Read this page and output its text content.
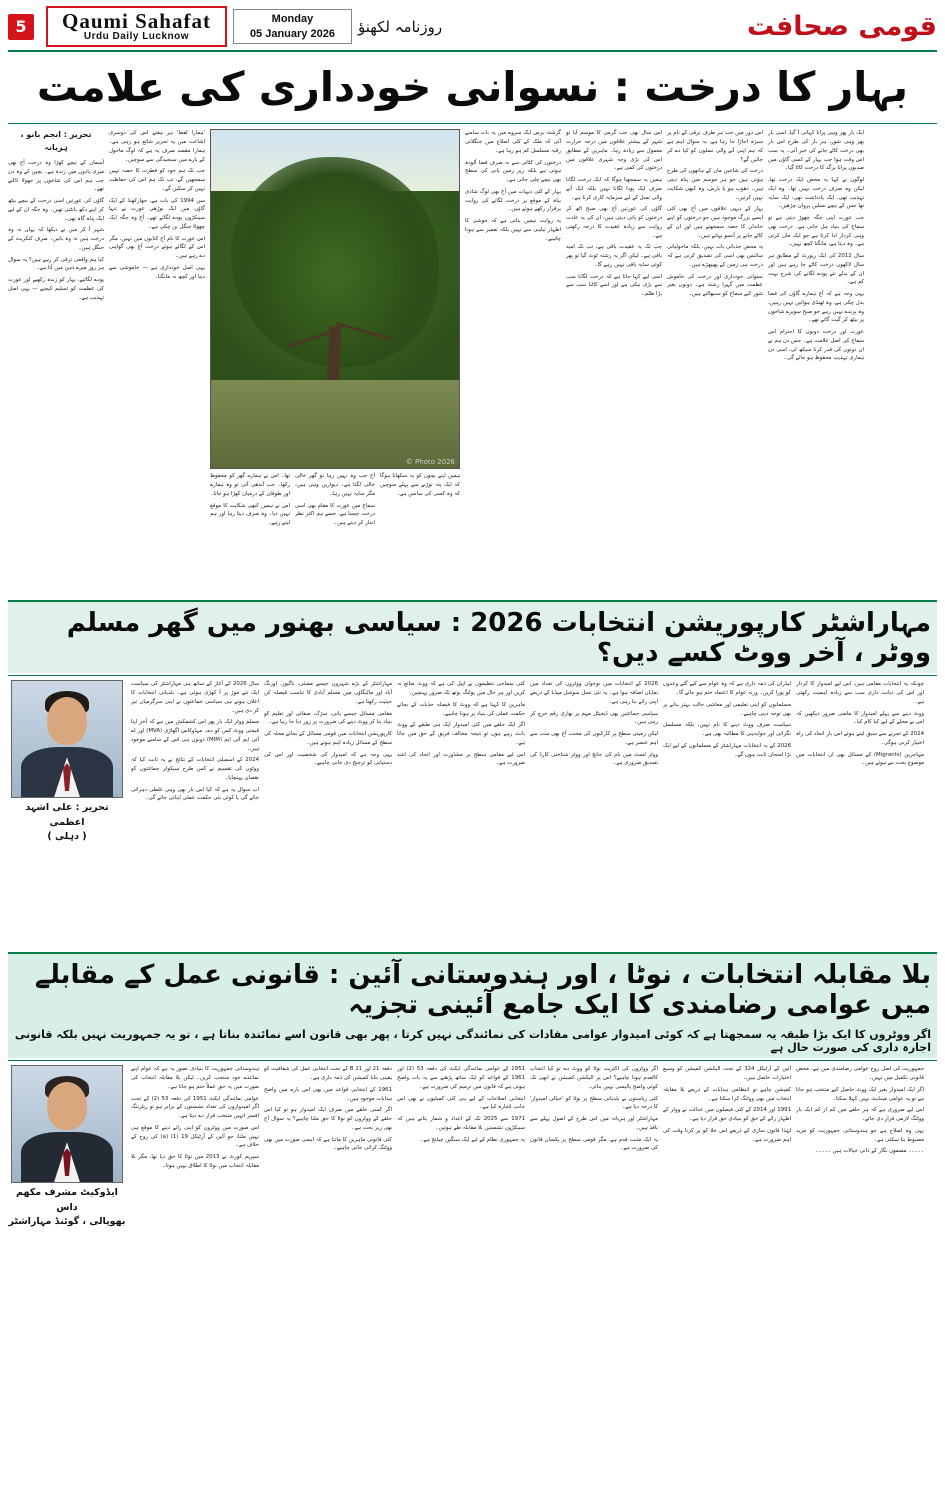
5	Qaumi Sahafat
Urdu Daily Lucknow
Monday
05 January 2026 روزنامہ لکھنؤ	قومی صحافت
بہار کا درخت : نسوانی خودداری کی علامت
تحریر : انجم بانو ، ہریانہ

آسمان کے نیچے کھڑا وہ درخت آج بھی میری یادوں میں زندہ ہے۔ بچپن کے وہ دن جب ہم اس کی شاخوں پر جھولا ڈالتے تھے۔

گاؤں کی عورتیں اسی درخت کے نیچے بیٹھ کر اپنے دکھ بانٹتی تھیں۔ وہ جگہ ان کے لیے ایک پناہ گاہ تھی۔

شہر آ کر میں نے دیکھا کہ یہاں نہ وہ درخت ہیں نہ وہ باتیں۔ صرف کنکریٹ کے جنگل ہیں۔

کیا ہم واقعی ترقی کر رہے ہیں؟ یہ سوال ہر روز میرے ذہن میں آتا ہے۔

پودے لگائیے، بہار کو زندہ رکھیے اور عورت کی عظمت کو تسلیم کیجیے — یہی اصل تہذیب ہے۔

'ہمارا لفظ' ہر ہفتے اس کی دوسری اشاعت میں یہ تحریر شائع ہو رہی ہے۔ ہمارا مقصد صرف یہ ہے کہ لوگ ماحول کے بارے میں سنجیدگی سے سوچیں۔

جب تک ہم خود کو فطرت کا حصہ نہیں سمجھیں گے، تب تک ہم اس کی حفاظت نہیں کر سکیں گے۔

سن 1994 کی بات ہے، جھارکھنڈ کے ایک گاؤں میں ایک بوڑھی عورت نے تنہا سینکڑوں پودے لگائے تھے۔ آج وہ جگہ ایک چھوٹا جنگل بن چکی ہے۔

اس عورت کا نام آج کتابوں میں نہیں، مگر اس کے لگائے ہوئے درخت آج بھی گواہی دے رہے ہیں۔

یہی اصل خودداری ہے — خاموشی سے دینا اور کچھ نہ مانگنا۔

© Photo 2026

تھا۔ اس نے ہمارے گھر کو محفوظ رکھا۔ جب آندھی آتی تو وہ ہمارے اور طوفان کے درمیان کھڑا ہو جاتا۔

اس نے ہمیں کبھی شکایت کا موقع نہیں دیا۔ وہ صرف دیتا رہا اور ہم لیتے رہے۔

آج جب وہ نہیں رہا تو گھر خالی خالی لگتا ہے۔ دیواریں وہی ہیں، مگر سایہ نہیں رہا۔

سماج میں عورت کا مقام بھی اسی درخت جیسا ہے، جسے ہم اکثر نظر انداز کر دیتے ہیں۔

ہمیں اپنے بچوں کو یہ سکھانا ہوگا کہ ایک پتہ توڑنے سے پہلے سوچیں کہ وہ کسی کی سانس ہے۔

گزشتہ برس ایک سروے میں یہ بات سامنے آئی کہ ملک کے کئی اضلاع میں جنگلاتی رقبہ مسلسل کم ہو رہا ہے۔

درختوں کی کٹائی سے نہ صرف فضا آلودہ ہوتی ہے بلکہ زیر زمین پانی کی سطح بھی نیچے چلی جاتی ہے۔

بہار کے کئی دیہات میں آج بھی لوگ شادی بیاہ کے موقع پر درخت لگانے کی روایت برقرار رکھے ہوئے ہیں۔

یہ روایت ہمیں بتاتی ہے کہ خوشی کا اظہار تباہی سے نہیں بلکہ تعمیر سے ہونا چاہیے۔

اس سال بھی جب گرمی کا موسم آیا تو شہر کے بیشتر علاقوں میں درجہ حرارت معمول سے زیادہ رہا۔ ماہرین کے مطابق اس کی بڑی وجہ شہری علاقوں میں درختوں کی کمی ہے۔

ہمیں یہ سمجھنا ہوگا کہ ایک درخت لگانا صرف ایک پودا لگانا نہیں بلکہ ایک آنے والی نسل کے لیے سرمایہ کاری کرنا ہے۔

گاؤں کی عورتیں آج بھی صبح اٹھ کر درختوں کو پانی دیتی ہیں، ان کی یہ عادت روایت سے زیادہ عقیدت کا درجہ رکھتی ہے۔

جب تک یہ عقیدت باقی ہے، تب تک امید باقی ہے۔ لیکن اگر یہ رشتہ ٹوٹ گیا تو پھر کوئی سایہ باقی نہیں رہے گا۔

اسی لیے کہا جاتا ہے کہ درخت لگانا سب سے بڑی نیکی ہے اور اسے کاٹنا سب سے بڑا ظلم۔

اس دور میں جب ہر طرف ترقی کے نام پر سبزہ اجاڑا جا رہا ہے، یہ سوال اہم ہے کہ ہم اپنی آنے والی نسلوں کو کیا دے کر جائیں گے؟

درخت کی شاخیں ماں کے ہاتھوں کی طرح ہوتی ہیں جو ہر موسم میں پناہ دیتی ہیں۔ دھوپ ہو یا بارش، وہ کبھی شکایت نہیں کرتیں۔

بہار کے دیہی علاقوں میں آج بھی کئی ایسے بزرگ موجود ہیں جو درختوں کو اپنے خاندان کا حصہ سمجھتے ہیں اور ان کے کاٹے جانے پر آنسو بہاتے ہیں۔

یہ محض جذباتی بات نہیں، بلکہ ماحولیاتی سائنس بھی اسی کی تصدیق کرتی ہے کہ درخت ہی زمین کے پھیپھڑے ہیں۔

نسوانی خودداری اور درخت کی خاموش عظمت میں گہرا رشتہ ہے۔ دونوں بغیر شور کیے سماج کو سنبھالتے ہیں۔

ایک بار پھر وہی پرانا کہانی آ گیا، اسی بار پھر وہی شور، ہر بار کی طرح اس بار بھی درخت کاٹے جانے کی خبر آئی۔ یہ سب اس وقت ہوا جب بہار کے کسی گاؤں میں صدیوں پرانا برگد کا درخت کاٹا گیا۔

لوگوں نے کہا یہ محض ایک درخت تھا، لیکن وہ صرف درخت نہیں تھا۔ وہ ایک تہذیب تھی، ایک یادداشت تھی، ایک سایہ تھا جس کے نیچے نسلیں پروان چڑھیں۔

جب عورت اپنی جگہ چھوڑ دیتی ہے تو سماج کی بنیاد ہل جاتی ہے۔ درخت بھی وہی کردار ادا کرتا ہے جو ایک ماں کرتی ہے۔ وہ دیتا ہے، مانگتا کچھ نہیں۔

سال 2012 کی ایک رپورٹ کے مطابق ہر سال لاکھوں درخت کاٹے جا رہے ہیں اور ان کے بدلے نئے پودے لگانے کی شرح بہت کم ہے۔

یہی وجہ ہے کہ آج ہمارے گاؤں کی فضا بدل چکی ہے، وہ ٹھنڈی ہوائیں نہیں رہیں، وہ پرندے نہیں رہے جو صبح سویرے شاخوں پر بیٹھ کر گیت گاتے تھے۔

عورت اور درخت دونوں کا احترام اس سماج کی اصل علامت ہے۔ جس دن ہم نے ان دونوں کی قدر کرنا سیکھ لی، اسی دن ہماری تہذیب محفوظ ہو جائے گی۔

مہاراشٹر کارپوریشن انتخابات 2026 : سیاسی بھنور میں گھر مسلم ووٹر ، آخر ووٹ کسے دیں؟
تحریر : علی اشہد اعظمی
( دہلی )

سال 2026 کے آغاز کے ساتھ ہی مہاراشٹر کی سیاست ایک نئے موڑ پر آ کھڑی ہوئی ہے۔ بلدیاتی انتخابات کا اعلان ہوتے ہی سیاسی جماعتوں نے اپنی سرگرمیاں تیز کر دی ہیں۔

مسلم ووٹر ایک بار پھر اس کشمکش میں ہے کہ آخر اپنا قیمتی ووٹ کس کو دے۔ مہاوکاس اگھاڑی (MVA) اور اے آئی ایم آئی ایم (MIM) دونوں ہی اس کے سامنے موجود ہیں۔

2024 کے اسمبلی انتخابات کے نتائج نے یہ ثابت کیا کہ ووٹوں کی تقسیم نے کس طرح سیکولر جماعتوں کو نقصان پہنچایا۔

اب سوال یہ ہے کہ کیا اس بار بھی وہی غلطی دہرائی جائے گی یا کوئی نئی حکمت عملی اپنائی جائے گی۔

مہاراشٹر کے بڑے شہروں جیسے ممبئی، ناگپور، اورنگ آباد اور مالیگاؤں میں مسلم آبادی کا تناسب فیصلہ کن حیثیت رکھتا ہے۔

مقامی مسائل جیسے پانی، سڑک، صفائی اور تعلیم کو بنیاد بنا کر ووٹ دینے کی ضرورت پر زور دیا جا رہا ہے۔

کارپوریشن انتخابات میں قومی مسائل کے بجائے محلہ کی سطح کے مسائل زیادہ اہم ہوتے ہیں۔

یہی وجہ ہے کہ امیدوار کی شخصیت اور اس کی دستیابی کو ترجیح دی جانی چاہیے۔

کئی سماجی تنظیموں نے اپیل کی ہے کہ ووٹ ضائع نہ کریں اور ہر حال میں پولنگ بوتھ تک ضرور پہنچیں۔

ماہرین کا کہنا ہے کہ ووٹ کا فیصلہ جذبات کے بجائے حکمت عملی کی بنیاد پر ہونا چاہیے۔

اگر ایک حلقے میں کئی امیدوار ایک ہی طبقے کے ووٹ بانٹ رہے ہوں تو نتیجہ مخالف فریق کے حق میں جاتا ہے۔

اس لیے مقامی سطح پر مشاورت اور اتحاد کی اشد ضرورت ہے۔

2026 کے انتخابات میں نوجوان ووٹروں کی تعداد میں نمایاں اضافہ ہوا ہے۔ یہ نئی نسل سوشل میڈیا کے ذریعے اپنی رائے بنا رہی ہے۔

سیاسی جماعتیں بھی ڈیجیٹل مہم پر بھاری رقم خرچ کر رہی ہیں۔

لیکن زمینی سطح پر کارکنوں کی محنت آج بھی سب سے اہم عنصر ہے۔

ووٹر لسٹ میں نام کی جانچ اور ووٹر شناختی کارڈ کی تصدیق ضروری ہے۔

لیڈران کی ذمہ داری ہے کہ وہ عوام سے کیے گئے وعدوں کو پورا کریں۔ ورنہ عوام کا اعتماد ختم ہو جائے گا۔

مسلمانوں کو اپنی تعلیمی اور معاشی حالت بہتر بنانے پر بھی توجہ دینی چاہیے۔

سیاست صرف ووٹ دینے کا نام نہیں، بلکہ مسلسل نگرانی اور جوابدہی کا مطالبہ بھی ہے۔

2026 کے یہ انتخابات مہاراشٹر کے مسلمانوں کے لیے ایک بڑا امتحان ثابت ہوں گے۔

چونکہ یہ انتخابات مقامی ہیں، اس لیے امیدوار کا کردار اور اس کی دیانت داری سب سے زیادہ اہمیت رکھتی ہے۔

ووٹ دینے سے پہلے امیدوار کا ماضی ضرور دیکھیں کہ اس نے محلے کے لیے کیا کام کیا۔

2024 کے تجربے سے سبق لیتے ہوئے اس بار اتحاد کی راہ اختیار کرنی ہوگی۔

مہاجرین (Migrants) کے مسائل بھی ان انتخابات میں موضوع بحث بنے ہوئے ہیں۔

بلا مقابلہ انتخابات ، نوٹا ، اور ہندوستانی آئین : قانونی عمل کے مقابلے میں عوامی رضامندی کا ایک جامع آئینی تجزیہ
اگر ووٹروں کا ایک بڑا طبقہ یہ سمجھتا ہے کہ کوئی امیدوار عوامی مفادات کی نمائندگی نہیں کرتا ، پھر بھی قانون اسے نمائندہ بناتا ہے ، تو یہ جمہوریت نہیں بلکہ قانونی اجارہ داری کی صورت حال ہے
ایڈوکیٹ مشرف مکھم داس
بھوپالی ، گوئنڈ مہاراشٹر

ہندوستانی جمہوریت کا بنیادی تصور یہ ہے کہ عوام اپنے نمائندے خود منتخب کریں۔ لیکن بلا مقابلہ انتخاب کی صورت میں یہ حق عملاً ختم ہو جاتا ہے۔

عوامی نمائندگی ایکٹ 1951 کی دفعہ 53 (2) کے تحت اگر امیدواروں کی تعداد نشستوں کے برابر ہو تو ریٹرننگ افسر انہیں منتخب قرار دے دیتا ہے۔

اس صورت میں ووٹروں کو اپنی رائے دینے کا موقع ہی نہیں ملتا، جو آئین کے آرٹیکل 19 (1) (a) کی روح کے خلاف ہے۔

سپریم کورٹ نے 2013 میں نوٹا کا حق دیا تھا، مگر بلا مقابلہ انتخاب میں نوٹا کا اطلاق نہیں ہوتا۔

دفعہ 21 اور 21 B کے تحت انتخابی عمل کی شفافیت کو یقینی بنانا کمیشن کی ذمہ داری ہے۔

1961 کے انتخابی قواعد میں بھی اس بارے میں واضح ہدایات موجود ہیں۔

اگر کسی حلقے میں صرف ایک امیدوار ہو تو کیا اس حلقے کے ووٹروں کو نوٹا کا حق ملنا چاہیے؟ یہ سوال آج بھی زیر بحث ہے۔

کئی قانونی ماہرین کا ماننا ہے کہ ایسی صورت میں بھی ووٹنگ کرائی جانی چاہیے۔

1951 کے عوامی نمائندگی ایکٹ کی دفعہ 53 (2) اور 1961 کے قواعد کو ایک ساتھ پڑھنے سے یہ بات واضح ہوتی ہے کہ قانون میں ترمیم کی ضرورت ہے۔

انتخابی اصلاحات کے لیے بنی کئی کمیٹیوں نے بھی اس جانب اشارہ کیا ہے۔

1971 سے 2025 تک کے اعداد و شمار بتاتے ہیں کہ سینکڑوں نشستیں بلا مقابلہ طے ہوئیں۔

یہ جمہوری نظام کے لیے ایک سنگین چیلنج ہے۔

اگر ووٹروں کی اکثریت نوٹا کو ووٹ دے تو کیا انتخاب کالعدم ہونا چاہیے؟ اس پر الیکشن کمیشن نے ابھی تک کوئی واضح پالیسی نہیں بنائی۔

کئی ریاستوں نے بلدیاتی سطح پر نوٹا کو 'خیالی امیدوار' کا درجہ دیا ہے۔

مہاراشٹر اور ہریانہ میں اس طرح کے اصول پہلے سے نافذ ہیں۔

یہ ایک مثبت قدم ہے، مگر قومی سطح پر یکساں قانون کی ضرورت ہے۔

آئین کے آرٹیکل 324 کے تحت الیکشن کمیشن کو وسیع اختیارات حاصل ہیں۔

کمیشن چاہے تو انتظامی ہدایات کے ذریعے بلا مقابلہ انتخاب میں بھی ووٹنگ کرا سکتا ہے۔

1991 اور 2014 کے کئی فیصلوں میں عدالت نے ووٹر کے اظہار رائے کے حق کو بنیادی حق قرار دیا ہے۔

لہٰذا قانون سازی کے ذریعے اس خلا کو پر کرنا وقت کی اہم ضرورت ہے۔

جمہوریت کی اصل روح عوامی رضامندی میں ہے، محض قانونی تکمیل میں نہیں۔

اگر ایک امیدوار بغیر ایک ووٹ حاصل کیے منتخب ہو جاتا ہے تو یہ عوامی مینڈیٹ نہیں کہلا سکتا۔

اس لیے ضروری ہے کہ ہر حلقے میں کم از کم ایک بار ووٹنگ لازمی قرار دی جائے۔

یہی وہ اصلاح ہے جو ہندوستانی جمہوریت کو مزید مضبوط بنا سکتی ہے۔

۔۔۔۔۔ مضمون نگار کے ذاتی خیالات ہیں ۔۔۔۔۔
